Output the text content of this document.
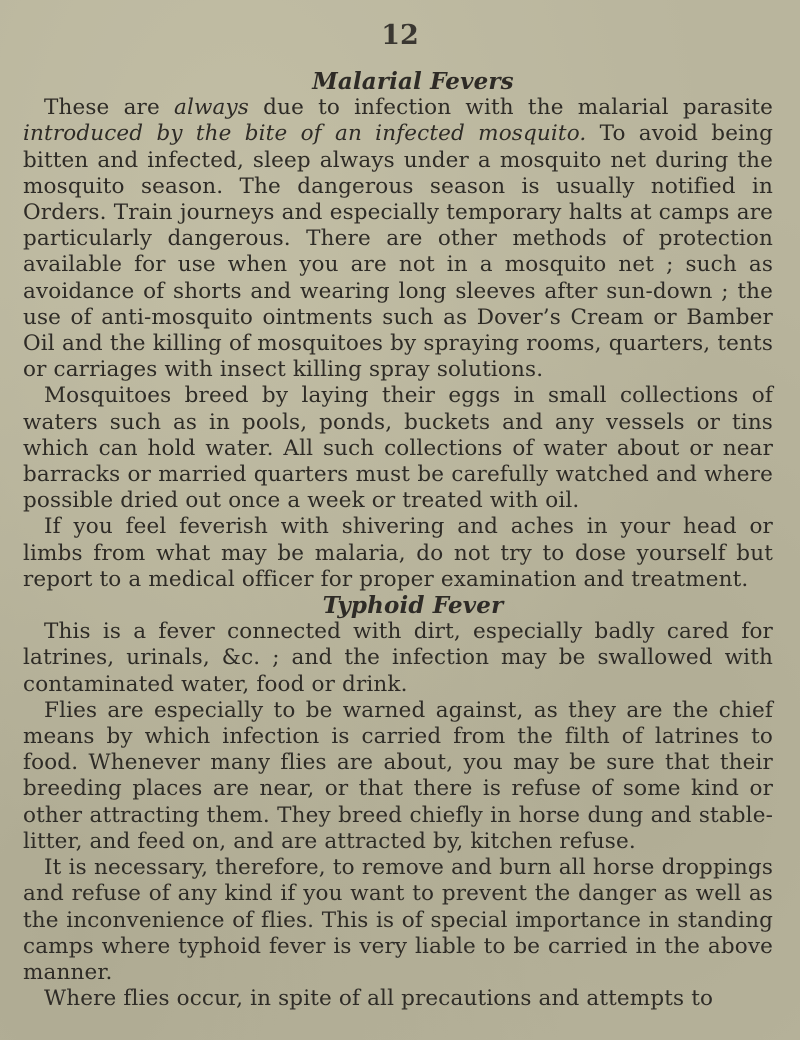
12
Malarial Fevers

These are always due to infection with the malarial parasite introduced by the bite of an infected mosquito. To avoid being bitten and infected, sleep always under a mosquito net during the mosquito season. The dangerous season is usually notified in Orders. Train journeys and especially temporary halts at camps are particularly dangerous. There are other methods of protection available for use when you are not in a mosquito net ; such as avoidance of shorts and wearing long sleeves after sun-down ; the use of anti-mosquito ointments such as Dover’s Cream or Bamber Oil and the killing of mosquitoes by spraying rooms, quarters, tents or carriages with insect killing spray solutions.

Mosquitoes breed by laying their eggs in small collections of waters such as in pools, ponds, buckets and any vessels or tins which can hold water. All such collections of water about or near barracks or married quarters must be carefully watched and where possible dried out once a week or treated with oil.

If you feel feverish with shivering and aches in your head or limbs from what may be malaria, do not try to dose yourself but report to a medical officer for proper examination and treatment.

Typhoid Fever

This is a fever connected with dirt, especially badly cared for latrines, urinals, &c. ; and the infection may be swallowed with contaminated water, food or drink.

Flies are especially to be warned against, as they are the chief means by which infection is carried from the filth of latrines to food. Whenever many flies are about, you may be sure that their breeding places are near, or that there is refuse of some kind or other attracting them. They breed chiefly in horse dung and stable-litter, and feed on, and are attracted by, kitchen refuse.

It is necessary, therefore, to remove and burn all horse droppings and refuse of any kind if you want to prevent the danger as well as the inconvenience of flies. This is of special importance in standing camps where typhoid fever is very liable to be carried in the above manner.

Where flies occur, in spite of all precautions and attempts to
